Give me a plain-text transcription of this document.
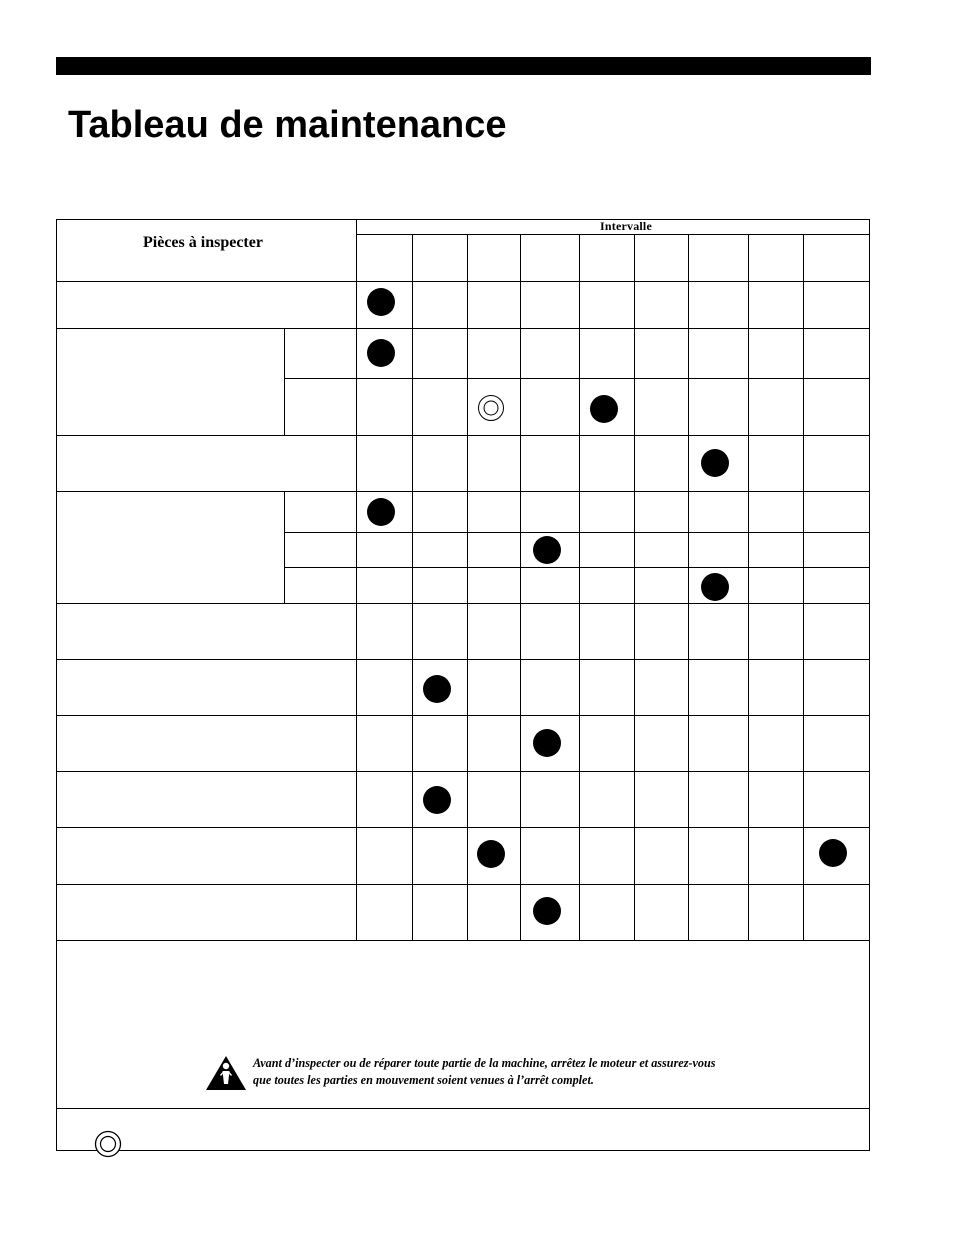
Tableau de maintenance
Pièces à inspecter
Intervalle
Avant d’inspecter ou de réparer toute partie de la machine, arrêtez le moteur et assurez-vous
que toutes les parties en mouvement soient venues à l’arrêt complet.
